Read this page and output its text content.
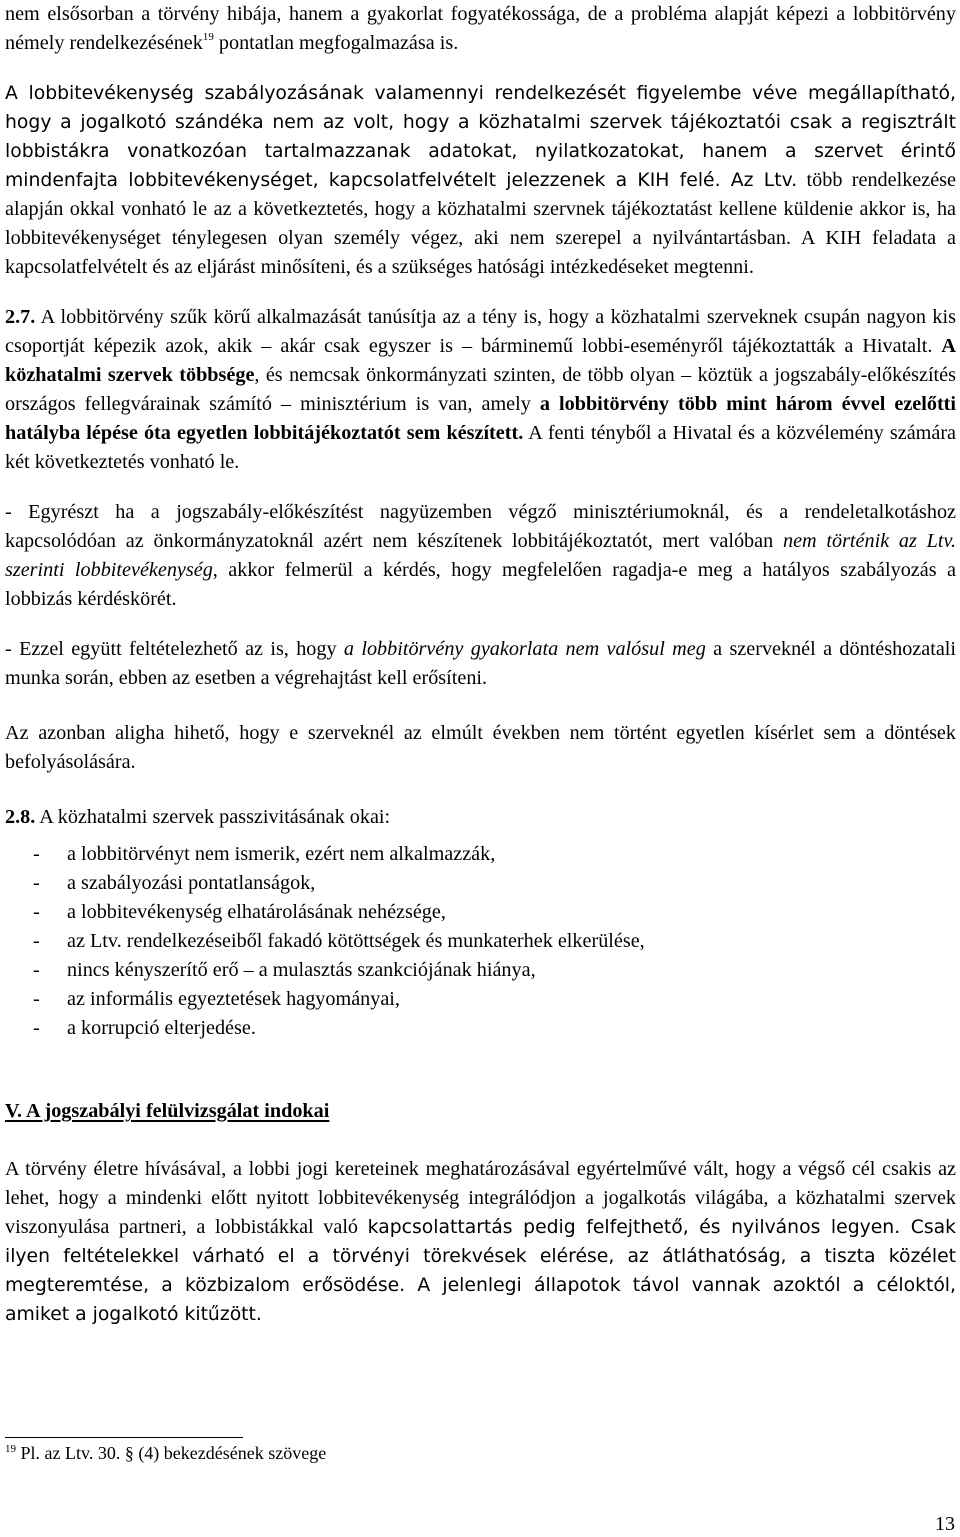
nem elsősorban a törvény hibája, hanem a gyakorlat fogyatékossága, de a probléma alapját képezi a lobbitörvény némely rendelkezésének$^{19}$ pontatlan megfogalmazása is.

A lobbitevékenység szabályozásának valamennyi rendelkezését figyelembe véve megállapítható, hogy a jogalkotó szándéka nem az volt, hogy a közhatalmi szervek tájékoztatói csak a regisztrált lobbistákra vonatkozóan tartalmazzanak adatokat, nyilatkozatokat, hanem a szervet érintő mindenfajta lobbitevékenységet, kapcsolatfelvételt jelezzenek a KIH felé. Az Ltv. több rendelkezése alapján okkal vonható le az a következtetés, hogy a közhatalmi szervnek tájékoztatást kellene küldenie akkor is, ha lobbitevékenységet ténylegesen olyan személy végez, aki nem szerepel a nyilvántartásban. A KIH feladata a kapcsolatfelvételt és az eljárást minősíteni, és a szükséges hatósági intézkedéseket megtenni.

2.7. A lobbitörvény szűk körű alkalmazását tanúsítja az a tény is, hogy a közhatalmi szerveknek csupán nagyon kis csoportját képezik azok, akik – akár csak egyszer is – bárminemű lobbi-eseményről tájékoztatták a Hivatalt. A közhatalmi szervek többsége, és nemcsak önkormányzati szinten, de több olyan – köztük a jogszabály-előkészítés országos fellegvárainak számító – minisztérium is van, amely a lobbitörvény több mint három évvel ezelőtti hatályba lépése óta egyetlen lobbitájékoztatót sem készített. A fenti tényből a Hivatal és a közvélemény számára két következtetés vonható le.

- Egyrészt ha a jogszabály-előkészítést nagyüzemben végző minisztériumoknál, és a rendeletalkotáshoz kapcsolódóan az önkormányzatoknál azért nem készítenek lobbitájékoztatót, mert valóban nem történik az Ltv. szerinti lobbitevékenység, akkor felmerül a kérdés, hogy megfelelően ragadja-e meg a hatályos szabályozás a lobbizás kérdéskörét.

- Ezzel együtt feltételezhető az is, hogy a lobbitörvény gyakorlata nem valósul meg a szerveknél a döntéshozatali munka során, ebben az esetben a végrehajtást kell erősíteni.

Az azonban aligha hihető, hogy e szerveknél az elmúlt években nem történt egyetlen kísérlet sem a döntések befolyásolására.

2.8. A közhatalmi szervek passzivitásának okai:

-	a lobbitörvényt nem ismerik, ezért nem alkalmazzák,
-	a szabályozási pontatlanságok,
-	a lobbitevékenység elhatárolásának nehézsége,
-	az Ltv. rendelkezéseiből fakadó kötöttségek és munkaterhek elkerülése,
-	nincs kényszerítő erő – a mulasztás szankciójának hiánya,
-	az informális egyeztetések hagyományai,
-	a korrupció elterjedése.
V. A jogszabályi felülvizsgálat indokai

A törvény életre hívásával, a lobbi jogi kereteinek meghatározásával egyértelművé vált, hogy a végső cél csakis az lehet, hogy a mindenki előtt nyitott lobbitevékenység integrálódjon a jogalkotás világába, a közhatalmi szervek viszonyulása partneri, a lobbistákkal való kapcsolattartás pedig felfejthető, és nyilvános legyen. Csak ilyen feltételekkel várható el a törvényi törekvések elérése, az átláthatóság, a tiszta közélet megteremtése, a közbizalom erősödése. A jelenlegi állapotok távol vannak azoktól a céloktól, amiket a jogalkotó kitűzött.

$^{19}$ Pl. az Ltv. 30. § (4) bekezdésének szövege
13
